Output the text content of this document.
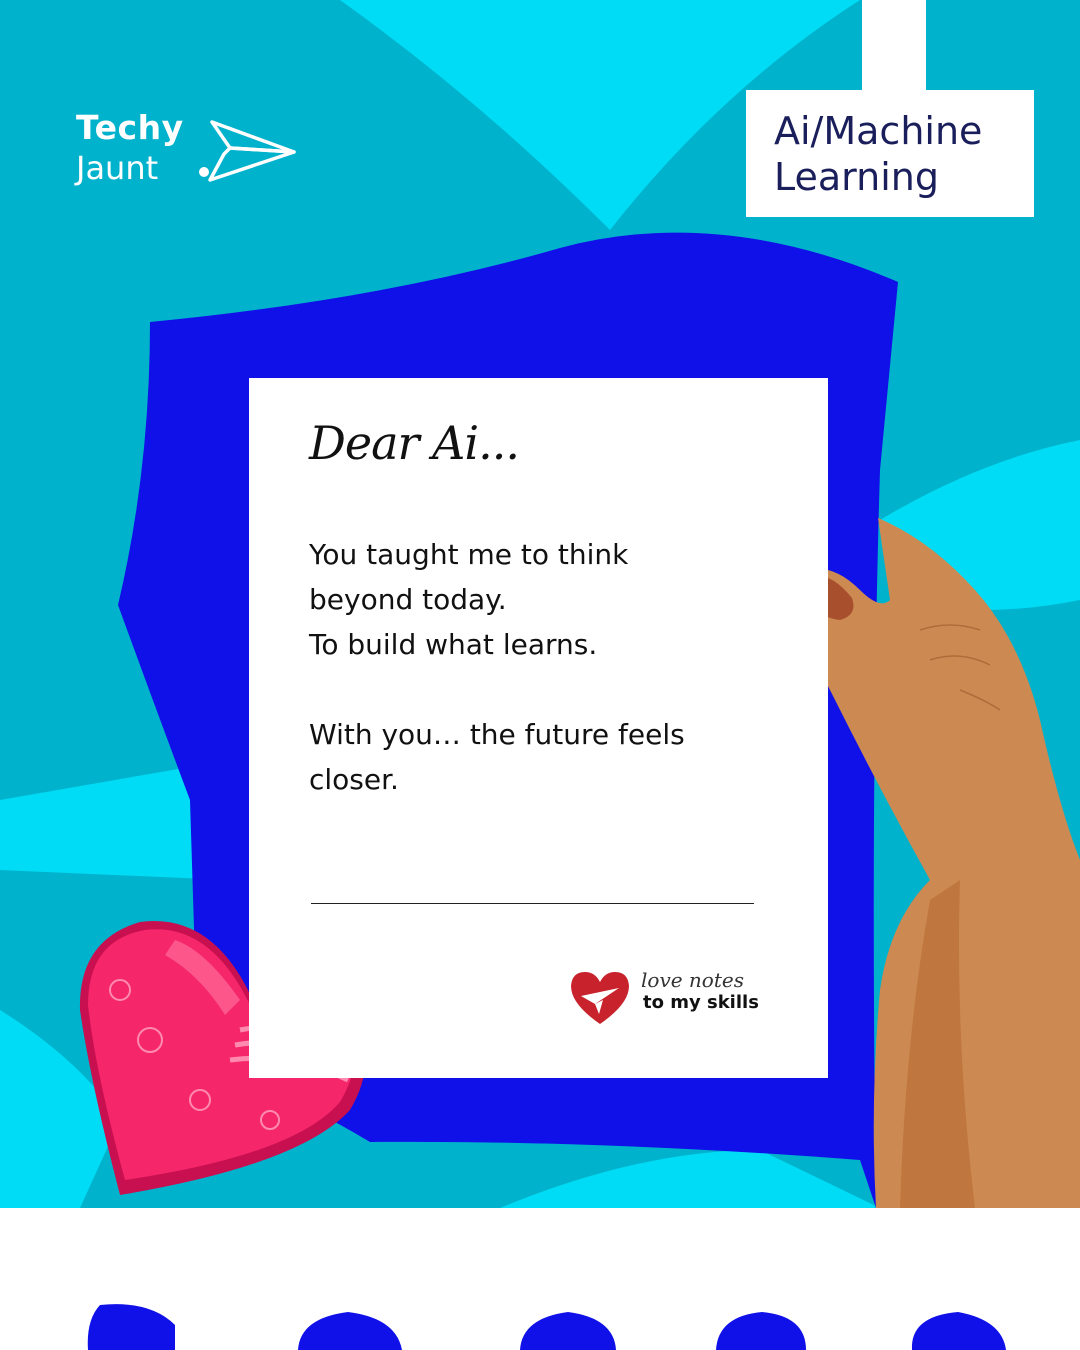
Techy
Jaunt
Ai/Machine
Learning
Dear Ai...
You taught me to think
beyond today.
To build what learns.
With you… the future feels
closer.
love notes
to my skills
